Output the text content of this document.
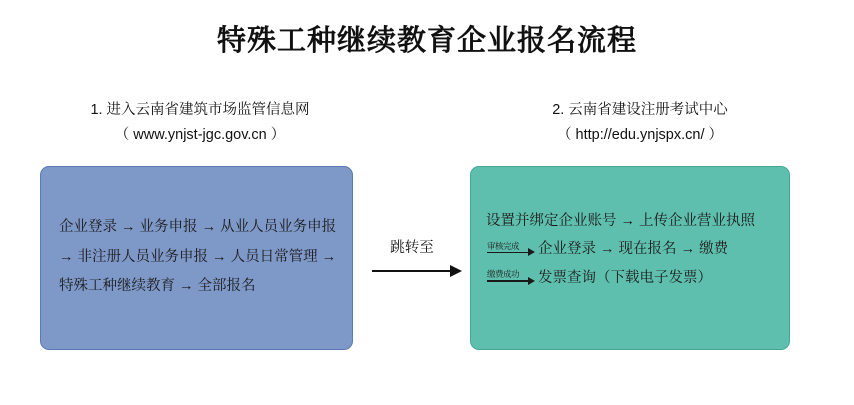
特殊工种继续教育企业报名流程
1. 进入云南省建筑市场监管信息网
（ www.ynjst-jgc.gov.cn ）
企业登录 → 业务申报 → 从业人员业务申报
→ 非注册人员业务申报 → 人员日常管理 →
特殊工种继续教育 → 全部报名
跳转至
2. 云南省建设注册考试中心
（ http://edu.ynjspx.cn/ ）
设置并绑定企业账号 → 上传企业营业执照
审核完成	企业登录 → 现在报名 → 缴费
缴费成功	发票查询（下载电子发票）
